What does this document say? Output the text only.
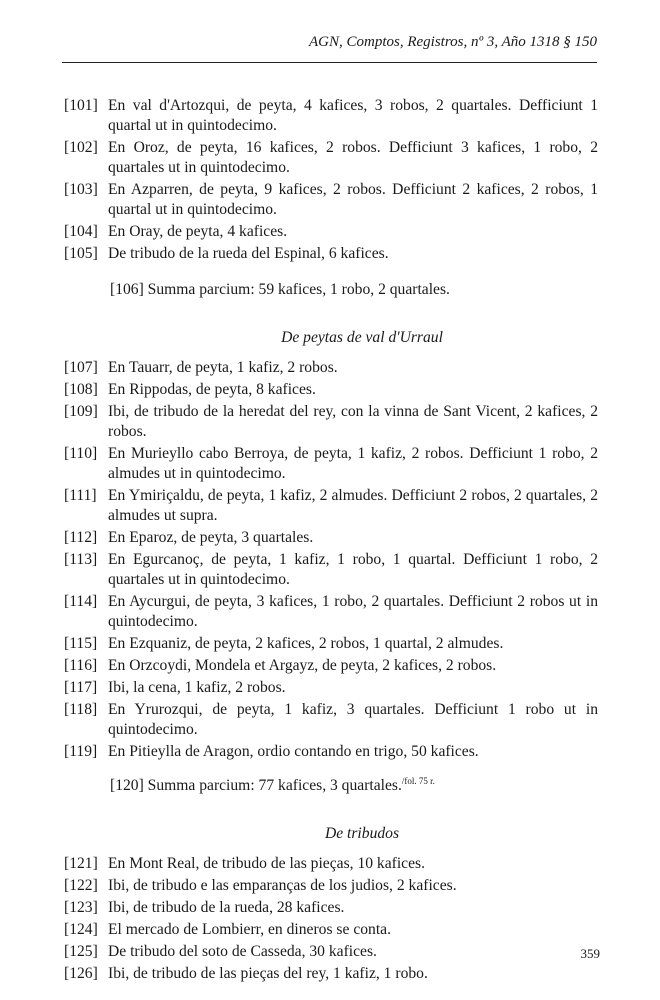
AGN, Comptos, Registros, nº 3, Año 1318 § 150
[101] En val d'Artozqui, de peyta, 4 kafices, 3 robos, 2 quartales. Defficiunt 1 quartal ut in quintodecimo.
[102] En Oroz, de peyta, 16 kafices, 2 robos. Defficiunt 3 kafices, 1 robo, 2 quartales ut in quintodecimo.
[103] En Azparren, de peyta, 9 kafices, 2 robos. Defficiunt 2 kafices, 2 robos, 1 quartal ut in quintodecimo.
[104] En Oray, de peyta, 4 kafices.
[105] De tribudo de la rueda del Espinal, 6 kafices.
[106] Summa parcium: 59 kafices, 1 robo, 2 quartales.
De peytas de val d'Urraul
[107] En Tauarr, de peyta, 1 kafiz, 2 robos.
[108] En Rippodas, de peyta, 8 kafices.
[109] Ibi, de tribudo de la heredat del rey, con la vinna de Sant Vicent, 2 kafices, 2 robos.
[110] En Murieyllo cabo Berroya, de peyta, 1 kafiz, 2 robos. Defficiunt 1 robo, 2 almudes ut in quintodecimo.
[111] En Ymiriçaldu, de peyta, 1 kafiz, 2 almudes. Defficiunt 2 robos, 2 quartales, 2 almudes ut supra.
[112] En Eparoz, de peyta, 3 quartales.
[113] En Egurcanoç, de peyta, 1 kafiz, 1 robo, 1 quartal. Defficiunt 1 robo, 2 quartales ut in quintodecimo.
[114] En Aycurgui, de peyta, 3 kafices, 1 robo, 2 quartales. Defficiunt 2 robos ut in quintodecimo.
[115] En Ezquaniz, de peyta, 2 kafices, 2 robos, 1 quartal, 2 almudes.
[116] En Orzcoydi, Mondela et Argayz, de peyta, 2 kafices, 2 robos.
[117] Ibi, la cena, 1 kafiz, 2 robos.
[118] En Yrurozqui, de peyta, 1 kafiz, 3 quartales. Defficiunt 1 robo ut in quintodecimo.
[119] En Pitieylla de Aragon, ordio contando en trigo, 50 kafices.
[120] Summa parcium: 77 kafices, 3 quartales.$^{/fol. 75 r.}$
De tribudos
[121] En Mont Real, de tribudo de las pieças, 10 kafices.
[122] Ibi, de tribudo e las emparanças de los judios, 2 kafices.
[123] Ibi, de tribudo de la rueda, 28 kafices.
[124] El mercado de Lombierr, en dineros se conta.
[125] De tribudo del soto de Casseda, 30 kafices.
[126] Ibi, de tribudo de las pieças del rey, 1 kafiz, 1 robo.
359
